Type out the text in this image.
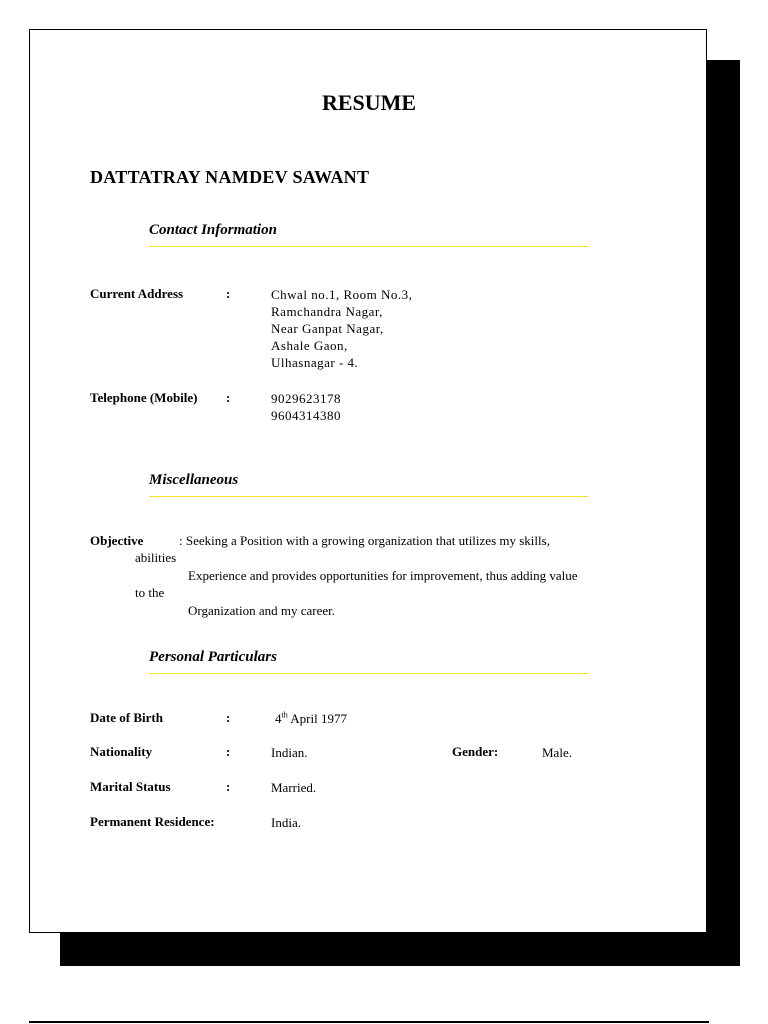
RESUME
DATTATRAY NAMDEV SAWANT
Contact Information
Current Address	:	Chwal no.1, Room No.3,
Ramchandra Nagar,
Near Ganpat Nagar,
Ashale Gaon,
Ulhasnagar - 4.
Telephone (Mobile) :	9029623178
9604314380
Miscellaneous
Objective	: Seeking a Position with a growing organization that utilizes my skills,
abilities
Experience and provides opportunities for improvement, thus adding value
to the
Organization and my career.
Personal Particulars
Date of Birth	:	4th April 1977
Nationality	:	Indian.	Gender:	Male.
Marital Status	:	Married.
Permanent Residence:	India.
